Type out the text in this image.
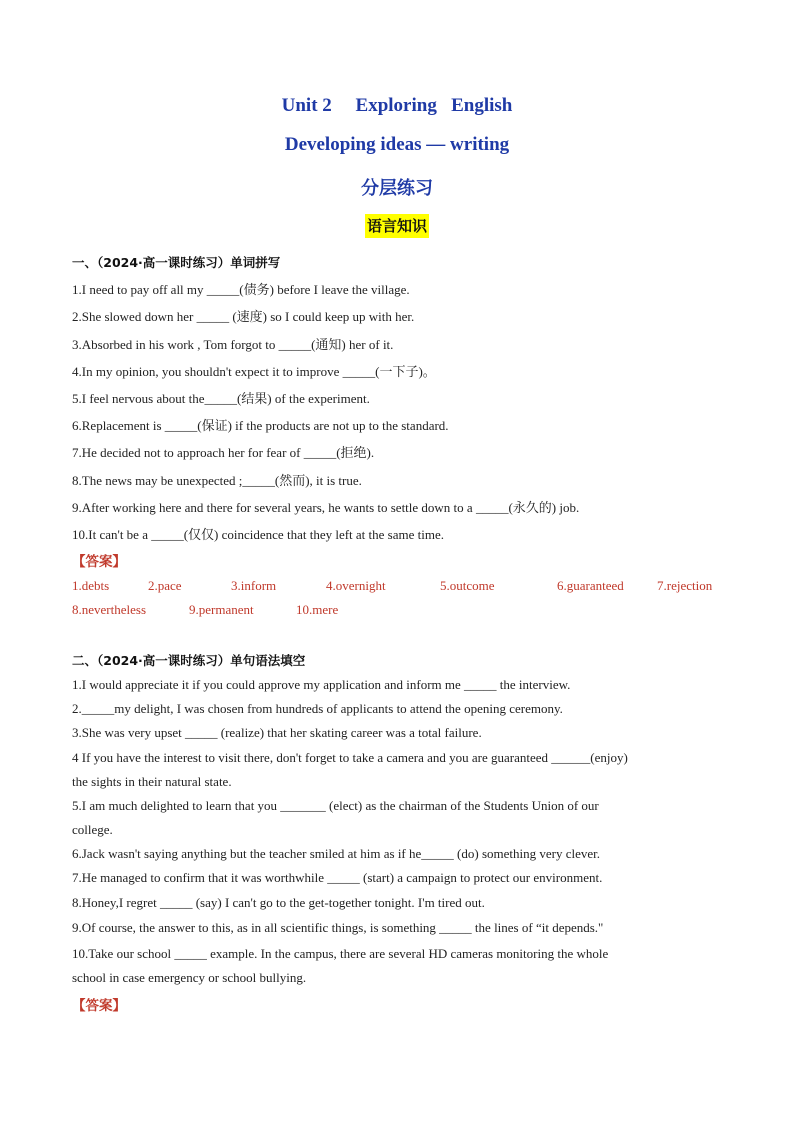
Unit 2     Exploring   English
Developing ideas — writing
分层练习
语言知识
一、（2024·高一课时练习）单词拼写
1.I need to pay off all my _____(债务) before I leave the village.
2.She slowed down her _____ (速度) so I could keep up with her.
3.Absorbed in his work , Tom forgot to _____(通知) her of it.
4.In my opinion, you shouldn't expect it to improve _____(一下子)。
5.I feel nervous about the_____(结果) of the experiment.
6.Replacement is _____(保证) if the products are not up to the standard.
7.He decided not to approach her for fear of _____(拒绝).
8.The news may be unexpected ;_____(然而), it is true.
9.After working here and there for several years, he wants to settle down to a _____(永久的) job.
10.It can't be a _____(仅仅) coincidence that they left at the same time.
【答案】
1.debts	2.pace	3.inform	4.overnight	5.outcome	6.guaranteed	7.rejection
8.nevertheless	9.permanent	10.mere
二、（2024·高一课时练习）单句语法填空
1.I would appreciate it if you could approve my application and inform me _____ the interview.
2._____my delight, I was chosen from hundreds of applicants to attend the opening ceremony.
3.She was very upset _____ (realize) that her skating career was a total failure.
4 If you have the interest to visit there, don't forget to take a camera and you are guaranteed ______(enjoy)
the sights in their natural state.
5.I am much delighted to learn that you _______ (elect) as the chairman of the Students Union of our
college.
6.Jack wasn't saying anything but the teacher smiled at him as if he_____ (do) something very clever.
7.He managed to confirm that it was worthwhile _____ (start) a campaign to protect our environment.
8.Honey,I regret _____ (say) I can't go to the get-together tonight. I'm tired out.
9.Of course, the answer to this, as in all scientific things, is something _____ the lines of “it depends."
10.Take our school _____ example. In the campus, there are several HD cameras monitoring the whole
school in case emergency or school bullying.
【答案】
